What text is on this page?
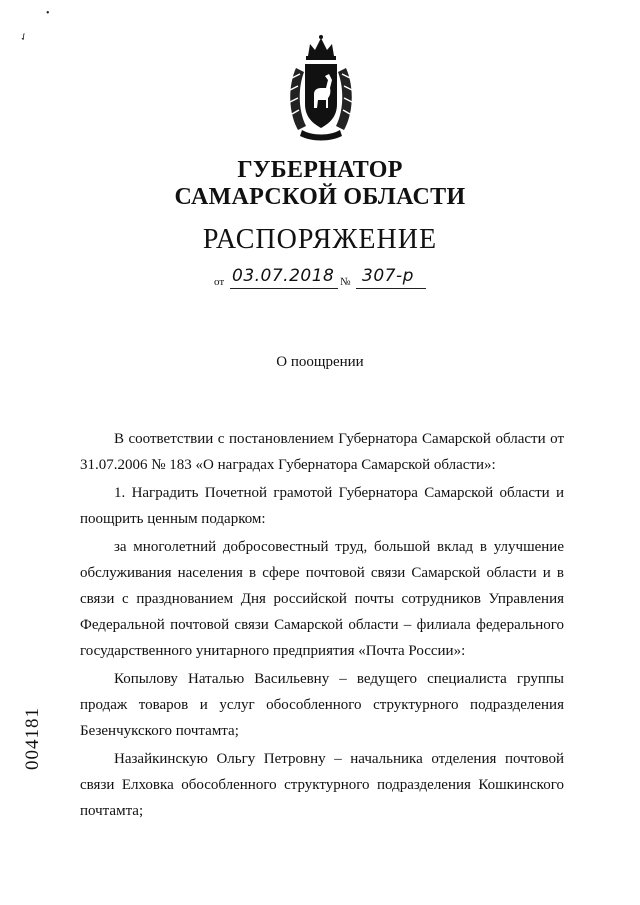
•
✓
ГУБЕРНАТОР
САМАРСКОЙ ОБЛАСТИ
РАСПОРЯЖЕНИЕ
от 03.07.2018 № 307-р
О поощрении

В соответствии с постановлением Губернатора Самарской области от 31.07.2006 № 183 «О наградах Губернатора Самарской области»:

1. Наградить Почетной грамотой Губернатора Самарской области и поощрить ценным подарком:

за многолетний добросовестный труд, большой вклад в улучшение обслуживания населения в сфере почтовой связи Самарской области и в связи с празднованием Дня российской почты сотрудников Управления Федеральной почтовой связи Самарской области – филиала федерального государственного унитарного предприятия «Почта России»:

Копылову Наталью Васильевну – ведущего специалиста группы продаж товаров и услуг обособленного структурного подразделения Безенчукского почтамта;

Назайкинскую Ольгу Петровну – начальника отделения почтовой связи Елховка обособленного структурного подразделения Кошкинского почтамта;

004181
